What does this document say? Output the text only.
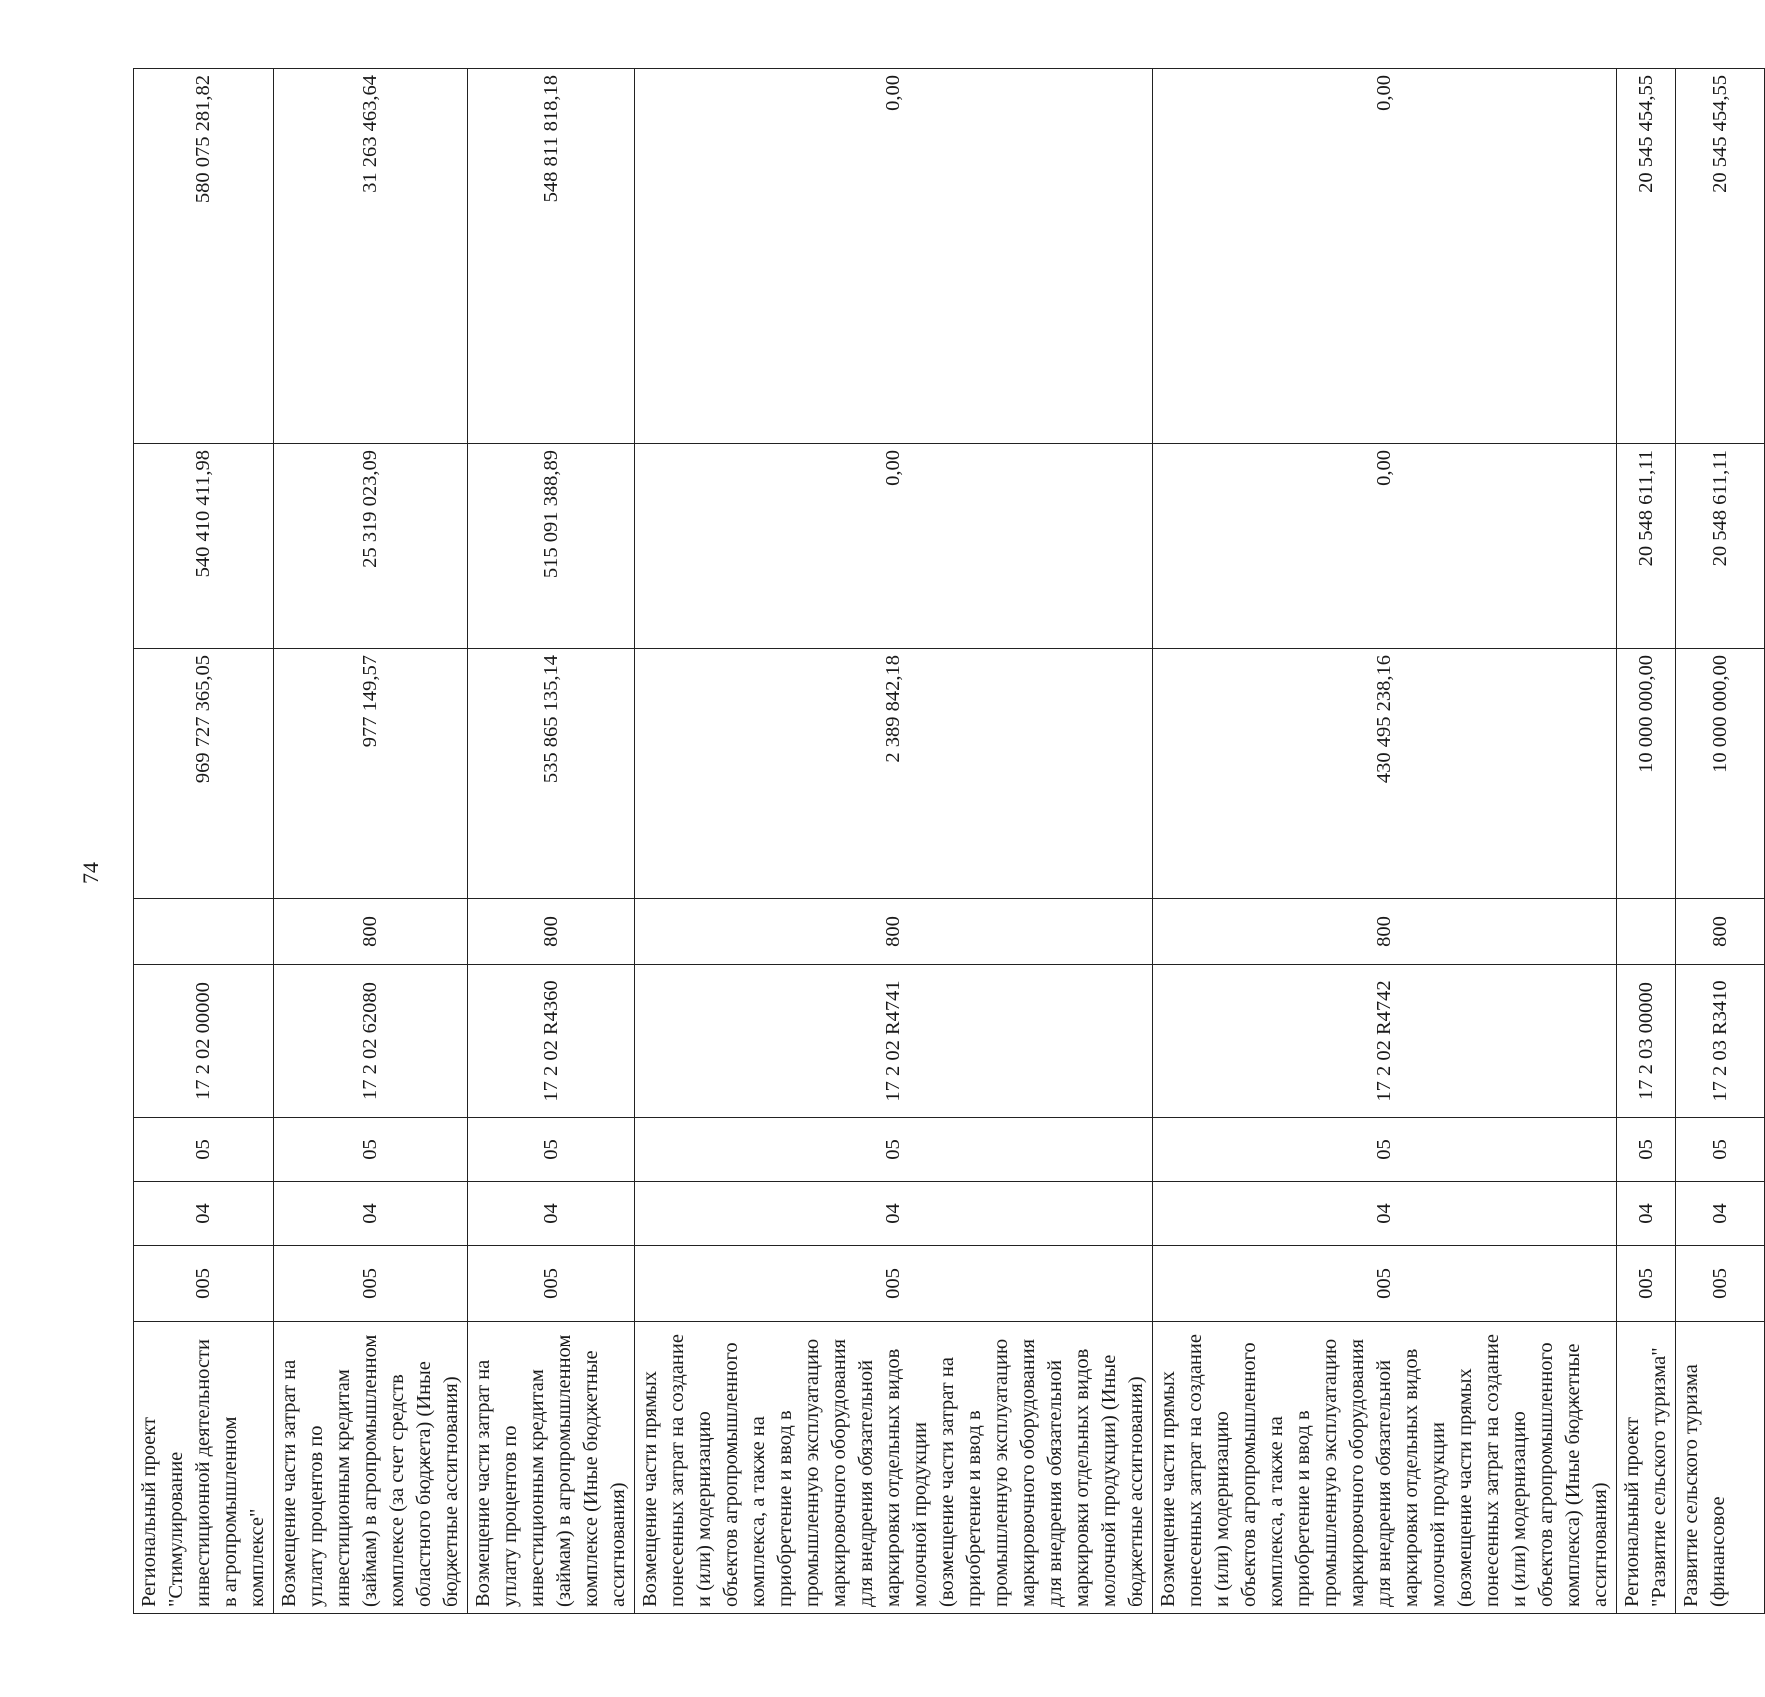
74
Региональный проект "Стимулирование инвестиционной деятельности в агропромышленном комплексе"	005	04	05	17 2 02 00000		969 727 365,05	540 410 411,98	580 075 281,82
Возмещение части затрат на уплату процентов по инвестиционным кредитам (займам) в агропромышленном комплексе (за счет средств областного бюджета) (Иные бюджетные ассигнования)	005	04	05	17 2 02 62080	800	977 149,57	25 319 023,09	31 263 463,64
Возмещение части затрат на уплату процентов по инвестиционным кредитам (займам) в агропромышленном комплексе (Иные бюджетные ассигнования)	005	04	05	17 2 02 R4360	800	535 865 135,14	515 091 388,89	548 811 818,18
Возмещение части прямых понесенных затрат на создание и (или) модернизацию объектов агропромышленного комплекса, а также на приобретение и ввод в промышленную эксплуатацию маркировочного оборудования для внедрения обязательной маркировки отдельных видов молочной продукции (возмещение части затрат на приобретение и ввод в промышленную эксплуатацию маркировочного оборудования для внедрения обязательной маркировки отдельных видов молочной продукции) (Иные бюджетные ассигнования)	005	04	05	17 2 02 R4741	800	2 389 842,18	0,00	0,00
Возмещение части прямых понесенных затрат на создание и (или) модернизацию объектов агропромышленного комплекса, а также на приобретение и ввод в промышленную эксплуатацию маркировочного оборудования для внедрения обязательной маркировки отдельных видов молочной продукции (возмещение части прямых понесенных затрат на создание и (или) модернизацию объектов агропромышленного комплекса) (Иные бюджетные ассигнования)	005	04	05	17 2 02 R4742	800	430 495 238,16	0,00	0,00
Региональный проект "Развитие сельского туризма"	005	04	05	17 2 03 00000		10 000 000,00	20 548 611,11	20 545 454,55
Развитие сельского туризма (финансовое	005	04	05	17 2 03 R3410	800	10 000 000,00	20 548 611,11	20 545 454,55
